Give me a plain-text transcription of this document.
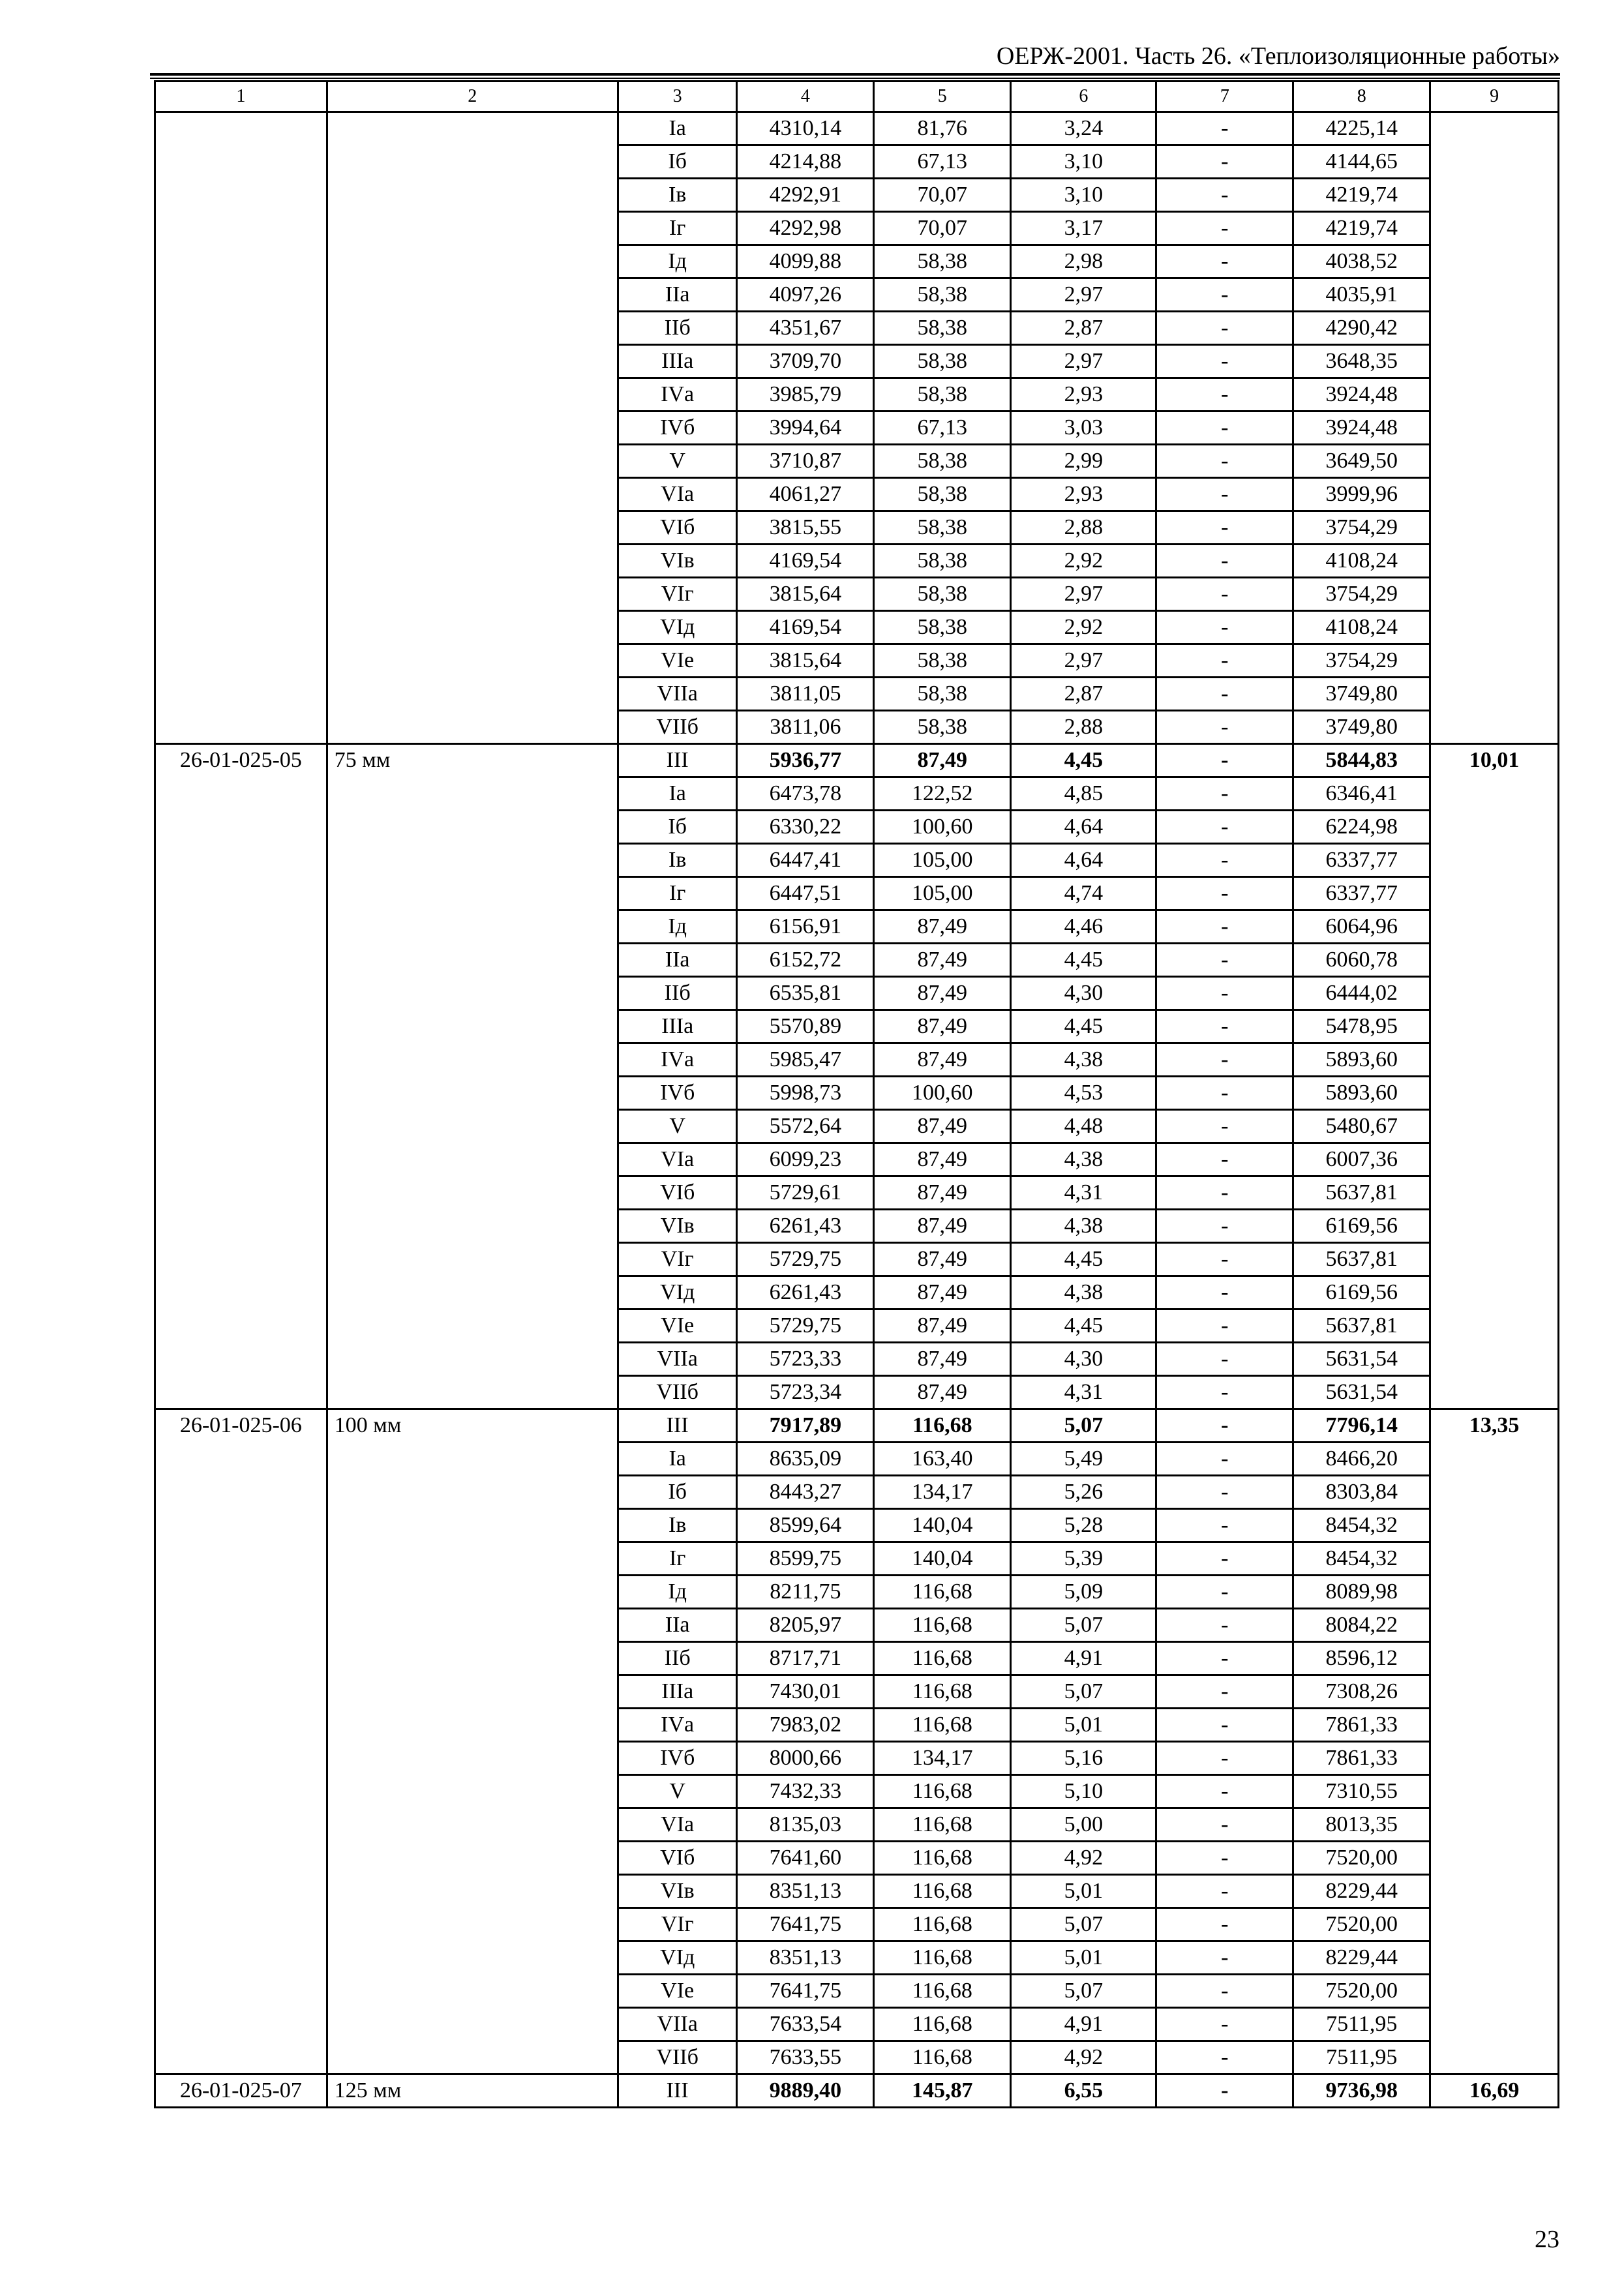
ОЕРЖ-2001. Часть 26. «Теплоизоляционные работы»
1	2	3	4	5	6	7	8	9
		Iа	4310,14	81,76	3,24	-	4225,14	
		Iб	4214,88	67,13	3,10	-	4144,65	
		Iв	4292,91	70,07	3,10	-	4219,74	
		Iг	4292,98	70,07	3,17	-	4219,74	
		Iд	4099,88	58,38	2,98	-	4038,52	
		IIа	4097,26	58,38	2,97	-	4035,91	
		IIб	4351,67	58,38	2,87	-	4290,42	
		IIIа	3709,70	58,38	2,97	-	3648,35	
		IVа	3985,79	58,38	2,93	-	3924,48	
		IVб	3994,64	67,13	3,03	-	3924,48	
		V	3710,87	58,38	2,99	-	3649,50	
		VIа	4061,27	58,38	2,93	-	3999,96	
		VIб	3815,55	58,38	2,88	-	3754,29	
		VIв	4169,54	58,38	2,92	-	4108,24	
		VIг	3815,64	58,38	2,97	-	3754,29	
		VIд	4169,54	58,38	2,92	-	4108,24	
		VIе	3815,64	58,38	2,97	-	3754,29	
		VIIа	3811,05	58,38	2,87	-	3749,80	
		VIIб	3811,06	58,38	2,88	-	3749,80	
26-01-025-05	75 мм	III	5936,77	87,49	4,45	-	5844,83	10,01
		Iа	6473,78	122,52	4,85	-	6346,41	
		Iб	6330,22	100,60	4,64	-	6224,98	
		Iв	6447,41	105,00	4,64	-	6337,77	
		Iг	6447,51	105,00	4,74	-	6337,77	
		Iд	6156,91	87,49	4,46	-	6064,96	
		IIа	6152,72	87,49	4,45	-	6060,78	
		IIб	6535,81	87,49	4,30	-	6444,02	
		IIIа	5570,89	87,49	4,45	-	5478,95	
		IVа	5985,47	87,49	4,38	-	5893,60	
		IVб	5998,73	100,60	4,53	-	5893,60	
		V	5572,64	87,49	4,48	-	5480,67	
		VIа	6099,23	87,49	4,38	-	6007,36	
		VIб	5729,61	87,49	4,31	-	5637,81	
		VIв	6261,43	87,49	4,38	-	6169,56	
		VIг	5729,75	87,49	4,45	-	5637,81	
		VIд	6261,43	87,49	4,38	-	6169,56	
		VIе	5729,75	87,49	4,45	-	5637,81	
		VIIа	5723,33	87,49	4,30	-	5631,54	
		VIIб	5723,34	87,49	4,31	-	5631,54	
26-01-025-06	100 мм	III	7917,89	116,68	5,07	-	7796,14	13,35
		Iа	8635,09	163,40	5,49	-	8466,20	
		Iб	8443,27	134,17	5,26	-	8303,84	
		Iв	8599,64	140,04	5,28	-	8454,32	
		Iг	8599,75	140,04	5,39	-	8454,32	
		Iд	8211,75	116,68	5,09	-	8089,98	
		IIа	8205,97	116,68	5,07	-	8084,22	
		IIб	8717,71	116,68	4,91	-	8596,12	
		IIIа	7430,01	116,68	5,07	-	7308,26	
		IVа	7983,02	116,68	5,01	-	7861,33	
		IVб	8000,66	134,17	5,16	-	7861,33	
		V	7432,33	116,68	5,10	-	7310,55	
		VIа	8135,03	116,68	5,00	-	8013,35	
		VIб	7641,60	116,68	4,92	-	7520,00	
		VIв	8351,13	116,68	5,01	-	8229,44	
		VIг	7641,75	116,68	5,07	-	7520,00	
		VIд	8351,13	116,68	5,01	-	8229,44	
		VIе	7641,75	116,68	5,07	-	7520,00	
		VIIа	7633,54	116,68	4,91	-	7511,95	
		VIIб	7633,55	116,68	4,92	-	7511,95	
26-01-025-07	125 мм	III	9889,40	145,87	6,55	-	9736,98	16,69
23
